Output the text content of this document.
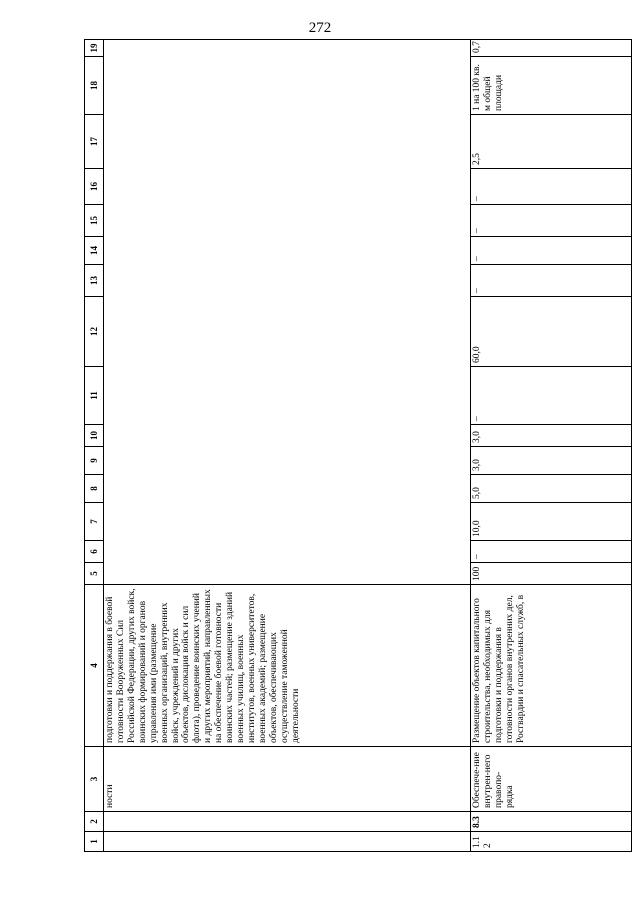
272
1	2	3	4	5	6	7	8	9	10	11	12	13	14	15	16	17	18	19
		ности	подготовки и поддержания в боевой готовности Вооруженных Сил Российской Федерации, других войск, воинских формирований и органов управления ими (размещение военных организаций, внутренних войск, учреждений и других объектов, дислокация войск и сил флота), проведение воинских учений и других мероприятий, направленных на обеспечение боевой готовности воинских частей; размещение зданий военных училищ, военных институтов, военных университетов, военных академий; размещение объектов, обеспечивающих осуществление таможенной деятельности															
1.12	8.3	Обеспече-ние внутрен-него правопо-рядка	Размещение объектов капитального строительства, необходимых для подготовки и поддержания в готовности органов внутренних дел, Росгвардии и спасательных служб, в	100	–	10,0	5,0	3,0	3,0	–	60,0	–	–	–	–	2,5	1 на 100 кв. м общей площади	0,7
